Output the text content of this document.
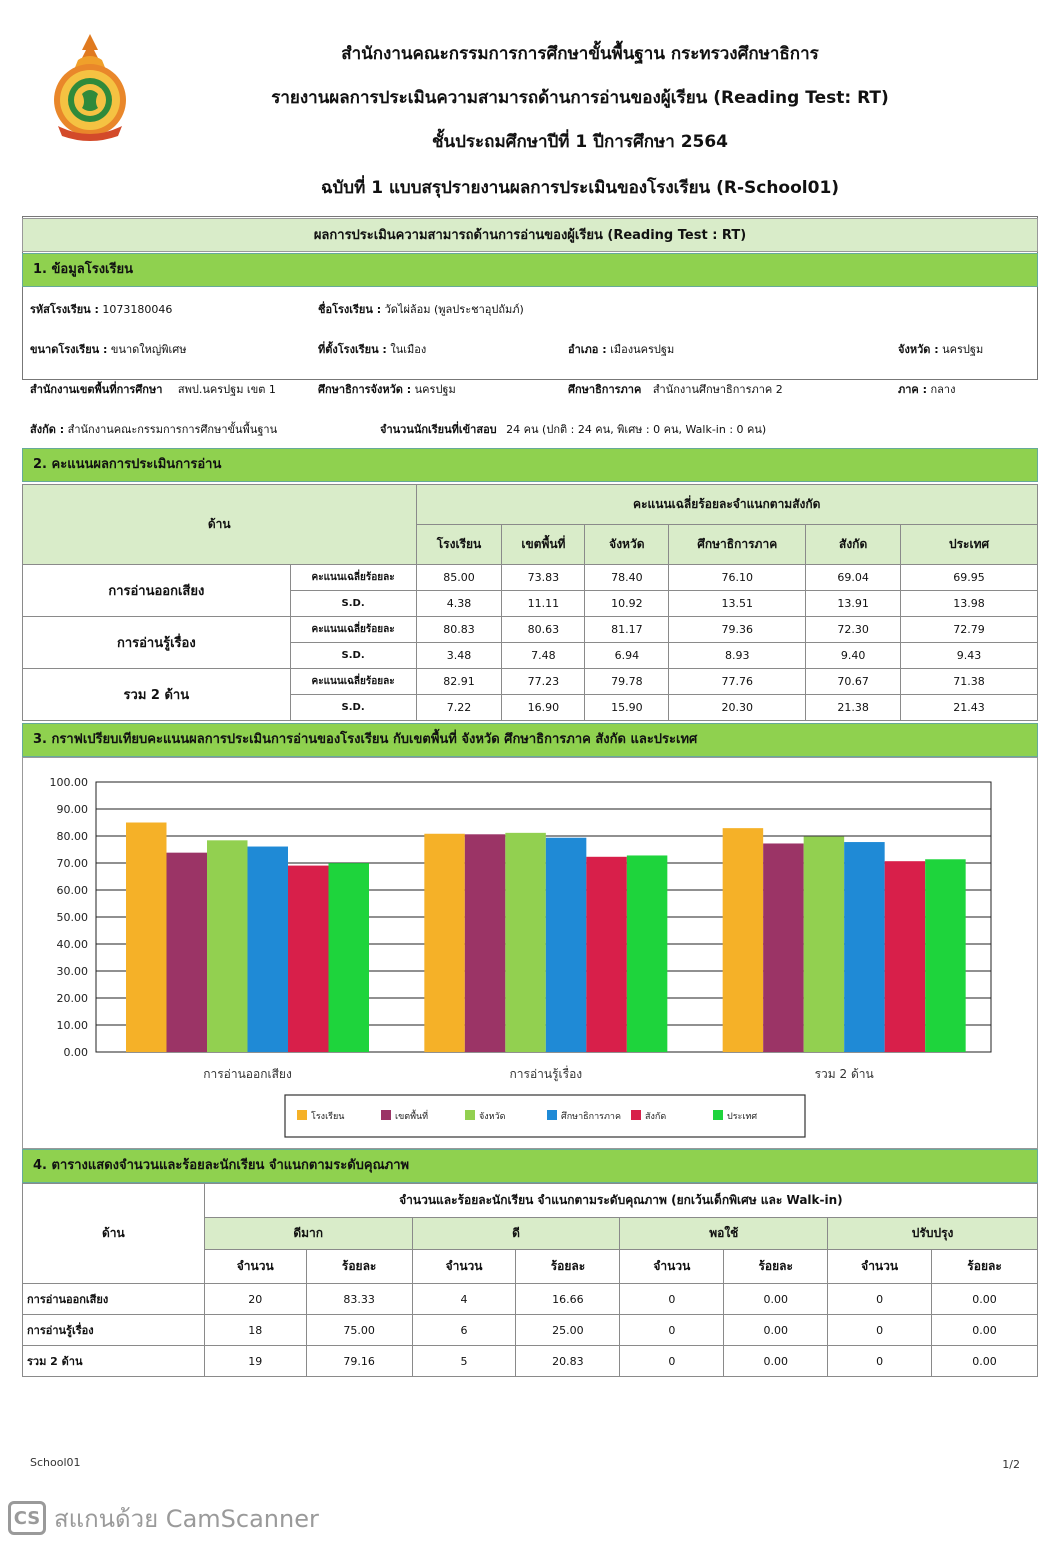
สำนักงานคณะกรรมการการศึกษาขั้นพื้นฐาน กระทรวงศึกษาธิการ
รายงานผลการประเมินความสามารถด้านการอ่านของผู้เรียน (Reading Test: RT)
ชั้นประถมศึกษาปีที่ 1 ปีการศึกษา 2564
ฉบับที่ 1 แบบสรุปรายงานผลการประเมินของโรงเรียน (R-School01)
ผลการประเมินความสามารถด้านการอ่านของผู้เรียน (Reading Test : RT)
1. ข้อมูลโรงเรียน
รหัสโรงเรียน : 1073180046	ชื่อโรงเรียน : วัดไผ่ล้อม (พูลประชาอุปถัมภ์)
ขนาดโรงเรียน : ขนาดใหญ่พิเศษ	ที่ตั้งโรงเรียน : ในเมือง	อำเภอ : เมืองนครปฐม	จังหวัด : นครปฐม
สำนักงานเขตพื้นที่การศึกษา สพป.นครปฐม เขต 1	ศึกษาธิการจังหวัด : นครปฐม	ศึกษาธิการภาค สำนักงานศึกษาธิการภาค 2	ภาค : กลาง
สังกัด : สำนักงานคณะกรรมการการศึกษาขั้นพื้นฐาน	จำนวนนักเรียนที่เข้าสอบ 24 คน (ปกติ : 24 คน, พิเศษ : 0 คน, Walk-in : 0 คน)
2. คะแนนผลการประเมินการอ่าน
ด้าน		คะแนนเฉลี่ยร้อยละจำแนกตามสังกัด					
		โรงเรียน	เขตพื้นที่	จังหวัด	ศึกษาธิการภาค	สังกัด	ประเทศ
การอ่านออกเสียง	คะแนนเฉลี่ยร้อยละ	85.00	73.83	78.40	76.10	69.04	69.95
	S.D.	4.38	11.11	10.92	13.51	13.91	13.98
การอ่านรู้เรื่อง	คะแนนเฉลี่ยร้อยละ	80.83	80.63	81.17	79.36	72.30	72.79
	S.D.	3.48	7.48	6.94	8.93	9.40	9.43
รวม 2 ด้าน	คะแนนเฉลี่ยร้อยละ	82.91	77.23	79.78	77.76	70.67	71.38
	S.D.	7.22	16.90	15.90	20.30	21.38	21.43
3. กราฟเปรียบเทียบคะแนนผลการประเมินการอ่านของโรงเรียน กับเขตพื้นที่ จังหวัด ศึกษาธิการภาค สังกัด และประเทศ
0.00
10.00
20.00
30.00
40.00
50.00
60.00
70.00
80.00
90.00
100.00
การอ่านออกเสียง	การอ่านรู้เรื่อง	รวม 2 ด้าน
โรงเรียน	เขตพื้นที่	จังหวัด	ศึกษาธิการภาค	สังกัด	ประเทศ
4. ตารางแสดงจำนวนและร้อยละนักเรียน จำแนกตามระดับคุณภาพ
ด้าน	จำนวนและร้อยละนักเรียน จำแนกตามระดับคุณภาพ (ยกเว้นเด็กพิเศษ และ Walk-in)							
	ดีมาก		ดี		พอใช้		ปรับปรุง	
	จำนวน	ร้อยละ	จำนวน	ร้อยละ	จำนวน	ร้อยละ	จำนวน	ร้อยละ
การอ่านออกเสียง	20	83.33	4	16.66	0	0.00	0	0.00
การอ่านรู้เรื่อง	18	75.00	6	25.00	0	0.00	0	0.00
รวม 2 ด้าน	19	79.16	5	20.83	0	0.00	0	0.00
School01	1/2
CS สแกนด้วย CamScanner
